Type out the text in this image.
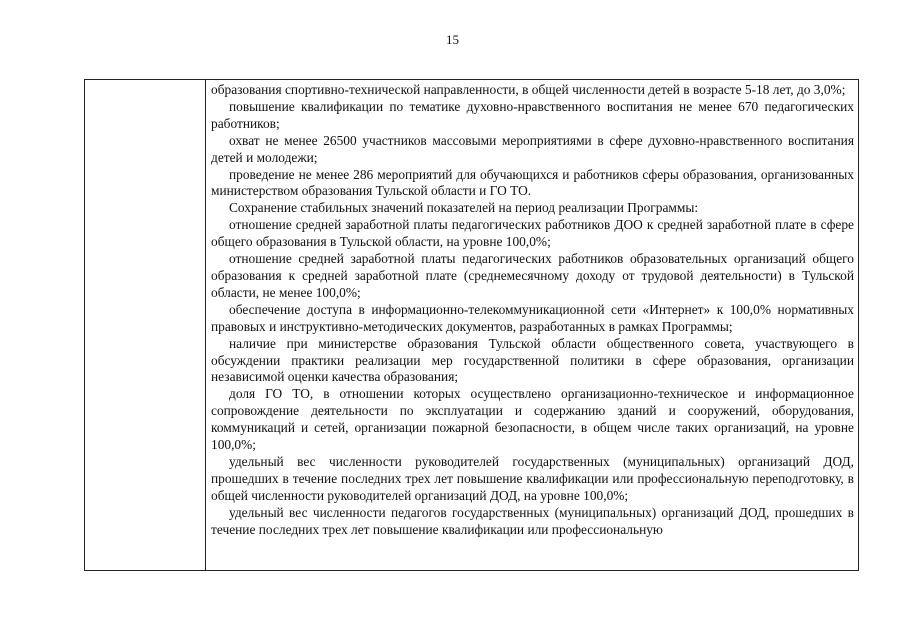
15

образования спортивно-технической направленности, в общей численности детей в возрасте 5-18 лет, до 3,0%;

повышение квалификации по тематике духовно-нравственного воспитания не менее 670 педагогических работников;

охват не менее 26500 участников массовыми мероприятиями в сфере духовно-нравственного воспитания детей и молодежи;

проведение не менее 286 мероприятий для обучающихся и работников сферы образования, организованных министерством образования Тульской области и ГО ТО.

Сохранение стабильных значений показателей на период реализации Программы:

отношение средней заработной платы педагогических работников ДОО к средней заработной плате в сфере общего образования в Тульской области, на уровне 100,0%;

отношение средней заработной платы педагогических работников образовательных организаций общего образования к средней заработной плате (среднемесячному доходу от трудовой деятельности) в Тульской области, не менее 100,0%;

обеспечение доступа в информационно-телекоммуникационной сети «Интернет» к 100,0% нормативных правовых и инструктивно-методических документов, разработанных в рамках Программы;

наличие при министерстве образования Тульской области общественного совета, участвующего в обсуждении практики реализации мер государственной политики в сфере образования, организации независимой оценки качества образования;

доля ГО ТО, в отношении которых осуществлено организационно-техническое и информационное сопровождение деятельности по эксплуатации и содержанию зданий и сооружений, оборудования, коммуникаций и сетей, организации пожарной безопасности, в общем числе таких организаций, на уровне 100,0%;

удельный вес численности руководителей государственных (муниципальных) организаций ДОД, прошедших в течение последних трех лет повышение квалификации или профессиональную переподготовку, в общей численности руководителей организаций ДОД, на уровне 100,0%;

удельный вес численности педагогов государственных (муниципальных) организаций ДОД, прошедших в течение последних трех лет повышение квалификации или профессиональную
